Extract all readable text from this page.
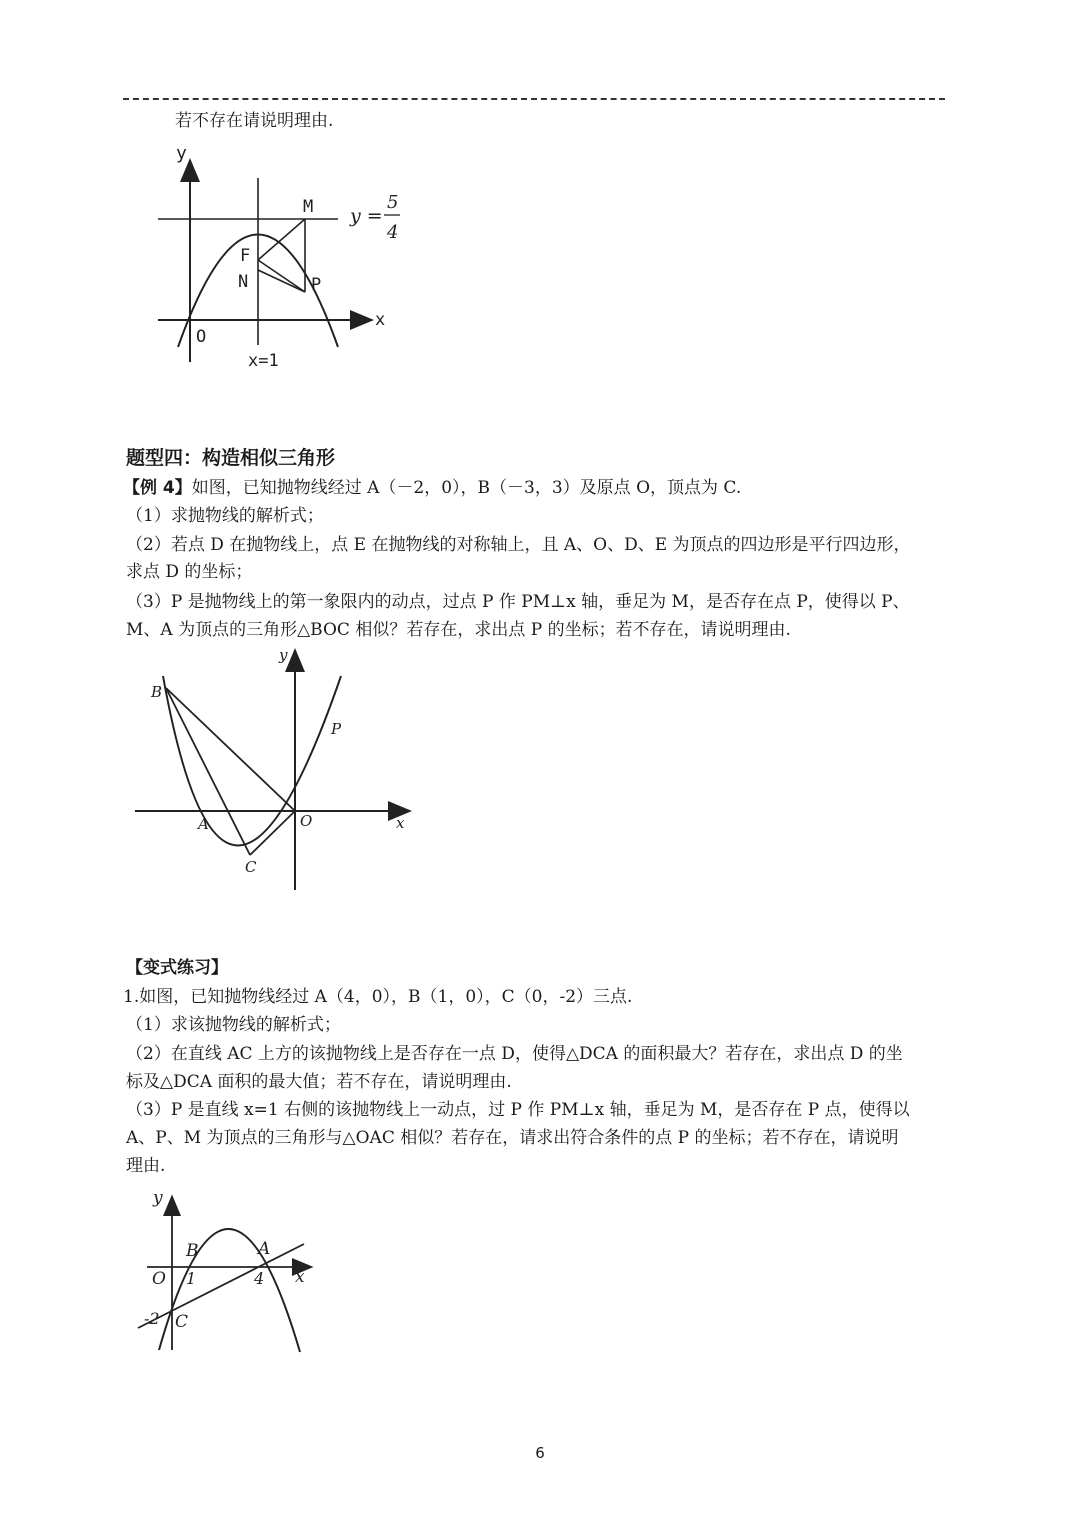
若不存在请说明理由.
y
x
O
M
F
N	P
y =
5
4
x=1
题型四：构造相似三角形
【例 4】如图，已知抛物线经过 A（－2，0），B（－3，3）及原点 O，顶点为 C.
（1）求抛物线的解析式；
（2）若点 D 在抛物线上，点 E 在抛物线的对称轴上，且 A、O、D、E 为顶点的四边形是平行四边形，
求点 D 的坐标；
（3）P 是抛物线上的第一象限内的动点，过点 P 作 PM⊥x 轴，垂足为 M，是否存在点 P，使得以 P、
M、A 为顶点的三角形△BOC 相似？若存在，求出点 P 的坐标；若不存在，请说明理由.
y
x
B
P
A	O
C
【变式练习】
1.如图，已知抛物线经过 A（4，0），B（1，0），C（0，-2）三点.
（1）求该抛物线的解析式；
（2）在直线 AC 上方的该抛物线上是否存在一点 D，使得△DCA 的面积最大？若存在，求出点 D 的坐
标及△DCA 面积的最大值；若不存在，请说明理由.
（3）P 是直线 x=1 右侧的该抛物线上一动点，过 P 作 PM⊥x 轴，垂足为 M，是否存在 P 点，使得以
A、P、M 为顶点的三角形与△OAC 相似？若存在，请求出符合条件的点 P 的坐标；若不存在，请说明
理由.
y
x
O
B	A
1	4
-2 C
6
